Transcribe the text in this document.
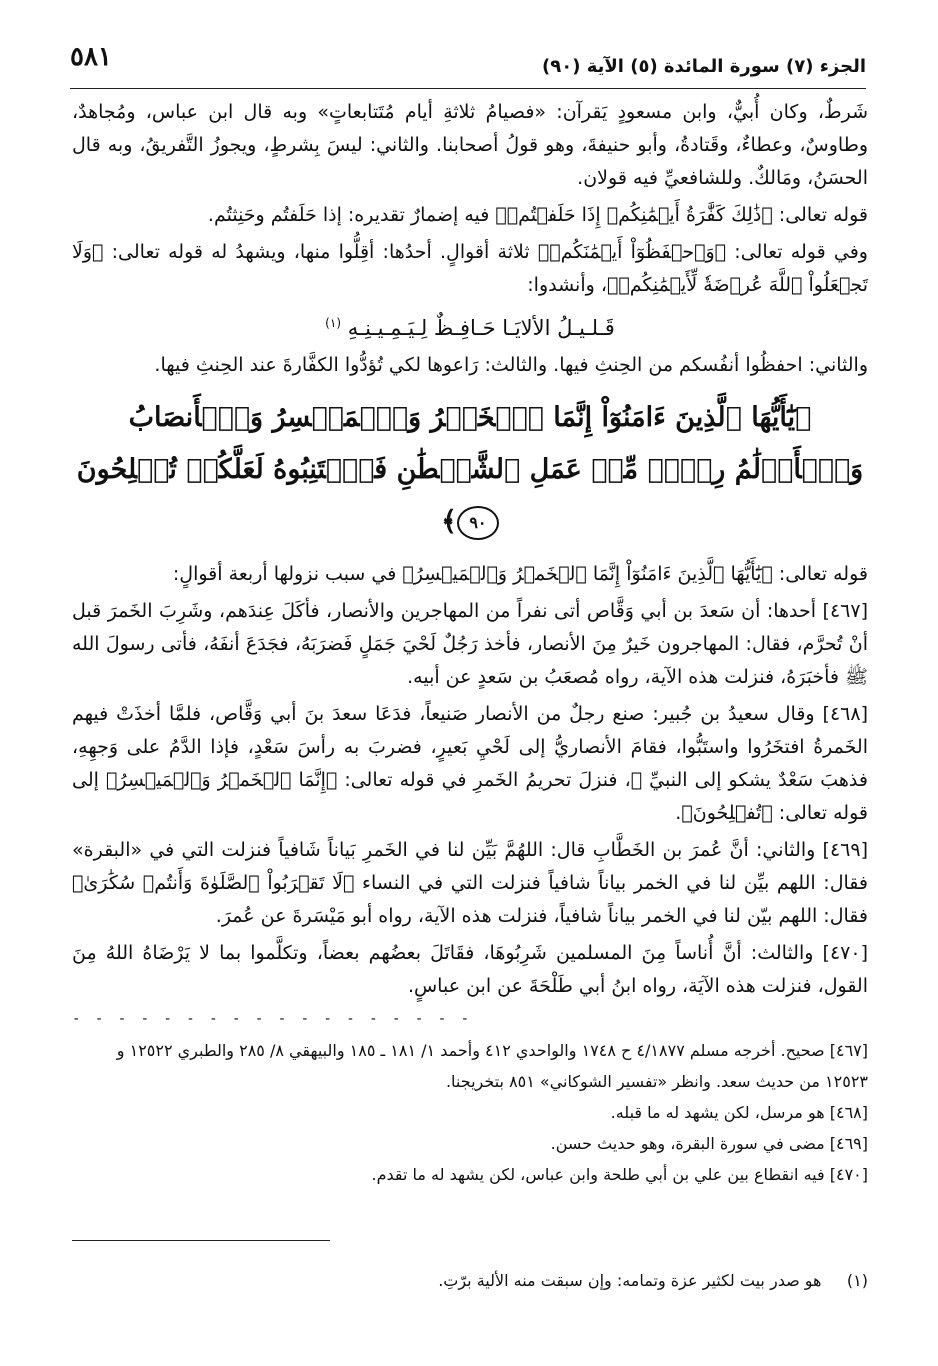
٥٨١	الجزء (٧) سورة المائدة (٥) الآية (٩٠)

شَرطٌ، وكان أُبيٌّ، وابن مسعودٍ يَقرآن: «فصيامُ ثلاثةِ أيام مُتَتابعاتٍ» وبه قال ابن عباس، ومُجاهدٌ، وطاوسٌ، وعطاءٌ، وقَتادةُ، وأبو حنيفةَ، وهو قولُ أصحابنا. والثاني: ليسَ بِشرطٍ، ويجوزُ التَّفريقُ، وبه قال الحسَنُ، ومَالكٌ. وللشافعيِّ فيه قولان.

قوله تعالى: ﴿ذَٰلِكَ كَفَّٰرَةُ أَيۡمَٰنِكُمۡ إِذَا حَلَفۡتُمۡ﴾ فيه إضمارٌ تقديره: إذا حَلَفتُم وحَنِثتُم.

وفي قوله تعالى: ﴿وَٱحۡفَظُوٓاْ أَيۡمَٰنَكُمۡ﴾ ثلاثة أقوالٍ. أحدُها: أقِلُّوا منها، ويشهدُ له قوله تعالى: ﴿وَلَا تَجۡعَلُواْ ٱللَّهَ عُرۡضَةٗ لِّأَيۡمَٰنِكُمۡ﴾، وأنشدوا:

قَـلـيـلُ الألايَـا حَـافِـظٌ لِـيَـمِـيـنِـهِ $^{(١)}$

والثاني: احفظُوا أنفُسكم من الحِنثِ فيها. والثالث: رَاعوها لكي تُؤدُّوا الكفَّارةَ عند الحِنثِ فيها.

﴿يَٰٓأَيُّهَا ٱلَّذِينَ ءَامَنُوٓاْ إِنَّمَا ٱلۡخَمۡرُ وَٱلۡمَيۡسِرُ وَٱلۡأَنصَابُ وَٱلۡأَزۡلَٰمُ رِجۡسٞ مِّنۡ عَمَلِ ٱلشَّيۡطَٰنِ فَٱجۡتَنِبُوهُ لَعَلَّكُمۡ تُفۡلِحُونَ ٩٠﴾

قوله تعالى: ﴿يَٰٓأَيُّهَا ٱلَّذِينَ ءَامَنُوٓاْ إِنَّمَا ٱلۡخَمۡرُ وَٱلۡمَيۡسِرُ﴾ في سبب نزولها أربعة أقوالٍ:

[٤٦٧] أحدها: أن سَعدَ بن أبي وَقَّاص أتى نفراً من المهاجرين والأنصار، فأكَلَ عِندَهم، وشَرِبَ الخَمرَ قبل أنْ تُحرَّم، فقال: المهاجرون خَيرٌ مِنَ الأنصار، فأخذ رَجُلٌ لَحْيَ جَمَلٍ فَضرَبَهُ، فجَدَعَ أنفَهُ، فأتى رسولَ الله ﷺ فأخبَرَهُ، فنزلت هذه الآية، رواه مُصعَبُ بن سَعدٍ عن أبيه.

[٤٦٨] وقال سعيدُ بن جُبير: صنع رجلٌ من الأنصار صَنيعاً، فدَعَا سعدَ بنَ أبي وَقَّاص، فلمَّا أخذَتْ فيهم الخَمرةُ افتخَرُوا واستَبُّوا، فقامَ الأنصاريُّ إلى لَحْيِ بَعيرٍ، فضربَ به رأسَ سَعْدٍ، فإذا الدَّمُ على وَجهِهِ، فذهبَ سَعْدٌ يشكو إلى النبيِّ ﷺ، فنزلَ تحريمُ الخَمرِ في قوله تعالى: ﴿إِنَّمَا ٱلۡخَمۡرُ وَٱلۡمَيۡسِرُ﴾ إلى قوله تعالى: ﴿تُفۡلِحُونَ﴾.

[٤٦٩] والثاني: أنَّ عُمرَ بن الخَطَّابِ قال: اللهُمَّ بَيِّن لنا في الخَمرِ بَياناً شَافياً فنزلت التي في «البقرة» فقال: اللهم بيِّن لنا في الخمر بياناً شافياً فنزلت التي في النساء ﴿لَا تَقۡرَبُواْ ٱلصَّلَوٰةَ وَأَنتُمۡ سُكَٰرَىٰ﴾ فقال: اللهم بيّن لنا في الخمر بياناً شافياً، فنزلت هذه الآية، رواه أبو مَيْسَرةَ عن عُمرَ.

[٤٧٠] والثالث: أنَّ أُناساً مِنَ المسلمين شَرِبُوهَا، فقَاتَلَ بعضُهم بعضاً، وتكلَّموا بما لا يَرْضَاهُ اللهُ مِنَ القول، فنزلت هذه الآيَة، رواه ابنُ أبي طَلْحَةَ عن ابن عباسٍ.

- - - - - - - - - - - - - - - - - -

[٤٦٧] صحيح. أخرجه مسلم ٤/١٨٧٧ ح ١٧٤٨ والواحدي ٤١٢ وأحمد ١/ ١٨١ ـ ١٨٥ والبيهقي ٨/ ٢٨٥ والطبري ١٢٥٢٢ و ١٢٥٢٣ من حديث سعد. وانظر «تفسير الشوكاني» ٨٥١ بتخريجنا.

[٤٦٨] هو مرسل، لكن يشهد له ما قبله.

[٤٦٩] مضى في سورة البقرة، وهو حديث حسن.

[٤٧٠] فيه انقطاع بين علي بن أبي طلحة وابن عباس، لكن يشهد له ما تقدم.

(١)     هو صدر بيت لكثير عزة وتمامه: وإن سبقت منه الألية برّتِ.
